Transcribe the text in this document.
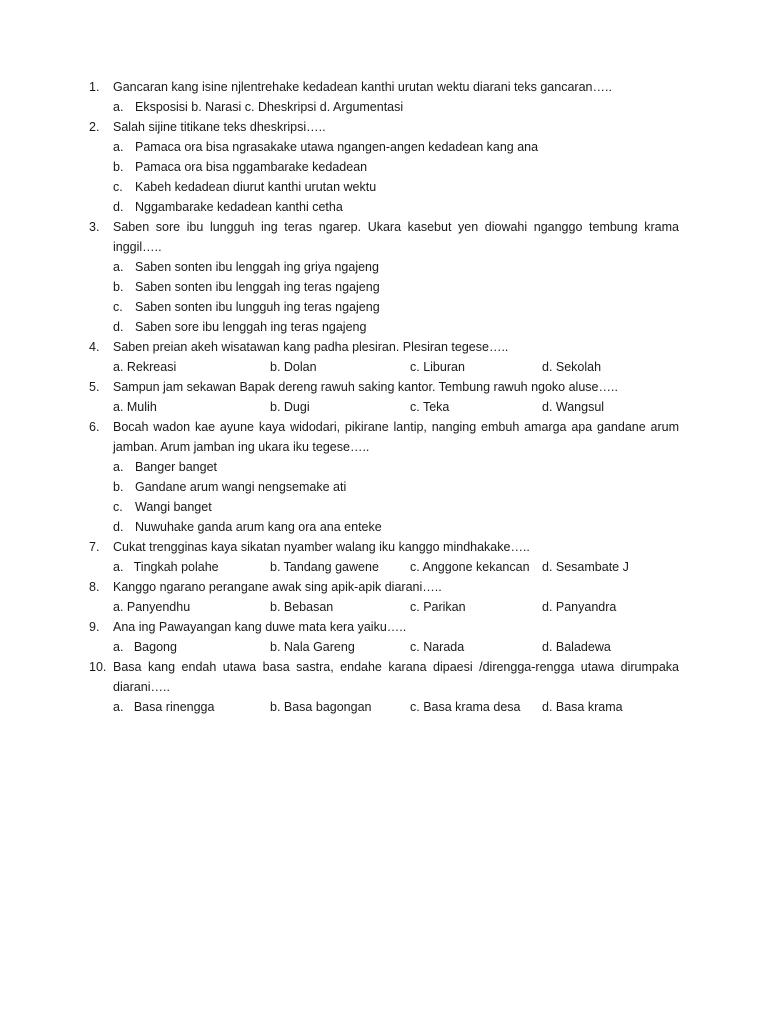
1. Gancaran kang isine njlentrehake kedadean kanthi urutan wektu diarani teks gancaran…..
a. Eksposisi b. Narasi c. Dheskripsi d. Argumentasi
2. Salah sijine titikane teks dheskripsi…..
a. Pamaca ora bisa ngrasakake utawa ngangen-angen kedadean kang ana
b. Pamaca ora bisa nggambarake kedadean
c. Kabeh kedadean diurut kanthi urutan wektu
d. Nggambarake kedadean kanthi cetha
3. Saben sore ibu lungguh ing teras ngarep. Ukara kasebut yen diowahi nganggo tembung krama inggil…..
a. Saben sonten ibu lenggah ing griya ngajeng
b. Saben sonten ibu lenggah ing teras ngajeng
c. Saben sonten ibu lungguh ing teras ngajeng
d. Saben sore ibu lenggah ing teras ngajeng
4. Saben preian akeh wisatawan kang padha plesiran. Plesiran tegese…..
a. Rekreasi	b. Dolan	c. Liburan	d. Sekolah
5. Sampun jam sekawan Bapak dereng rawuh saking kantor. Tembung rawuh ngoko aluse…..
a. Mulih	b. Dugi	c. Teka	d. Wangsul
6. Bocah wadon kae ayune kaya widodari, pikirane lantip, nanging embuh amarga apa gandane arum jamban. Arum jamban ing ukara iku tegese…..
a. Banger banget
b. Gandane arum wangi nengsemake ati
c. Wangi banget
d. Nuwuhake ganda arum kang ora ana enteke
7. Cukat trengginas kaya sikatan nyamber walang iku kanggo mindhakake…..
a.   Tingkah polahe	b. Tandang gawene c. Anggone kekancan d. Sesambate J
8. Kanggo ngarano perangane awak sing apik-apik diarani…..
a. Panyendhu	b. Bebasan	c. Parikan	d. Panyandra
9. Ana ing Pawayangan kang duwe mata kera yaiku…..
a.   Bagong	b. Nala Gareng	c. Narada	d. Baladewa
10. Basa kang endah utawa basa sastra, endahe karana dipaesi /direngga-rengga utawa dirumpaka diarani…..
a.   Basa rinengga	b. Basa bagongan	c. Basa krama desa d. Basa krama
